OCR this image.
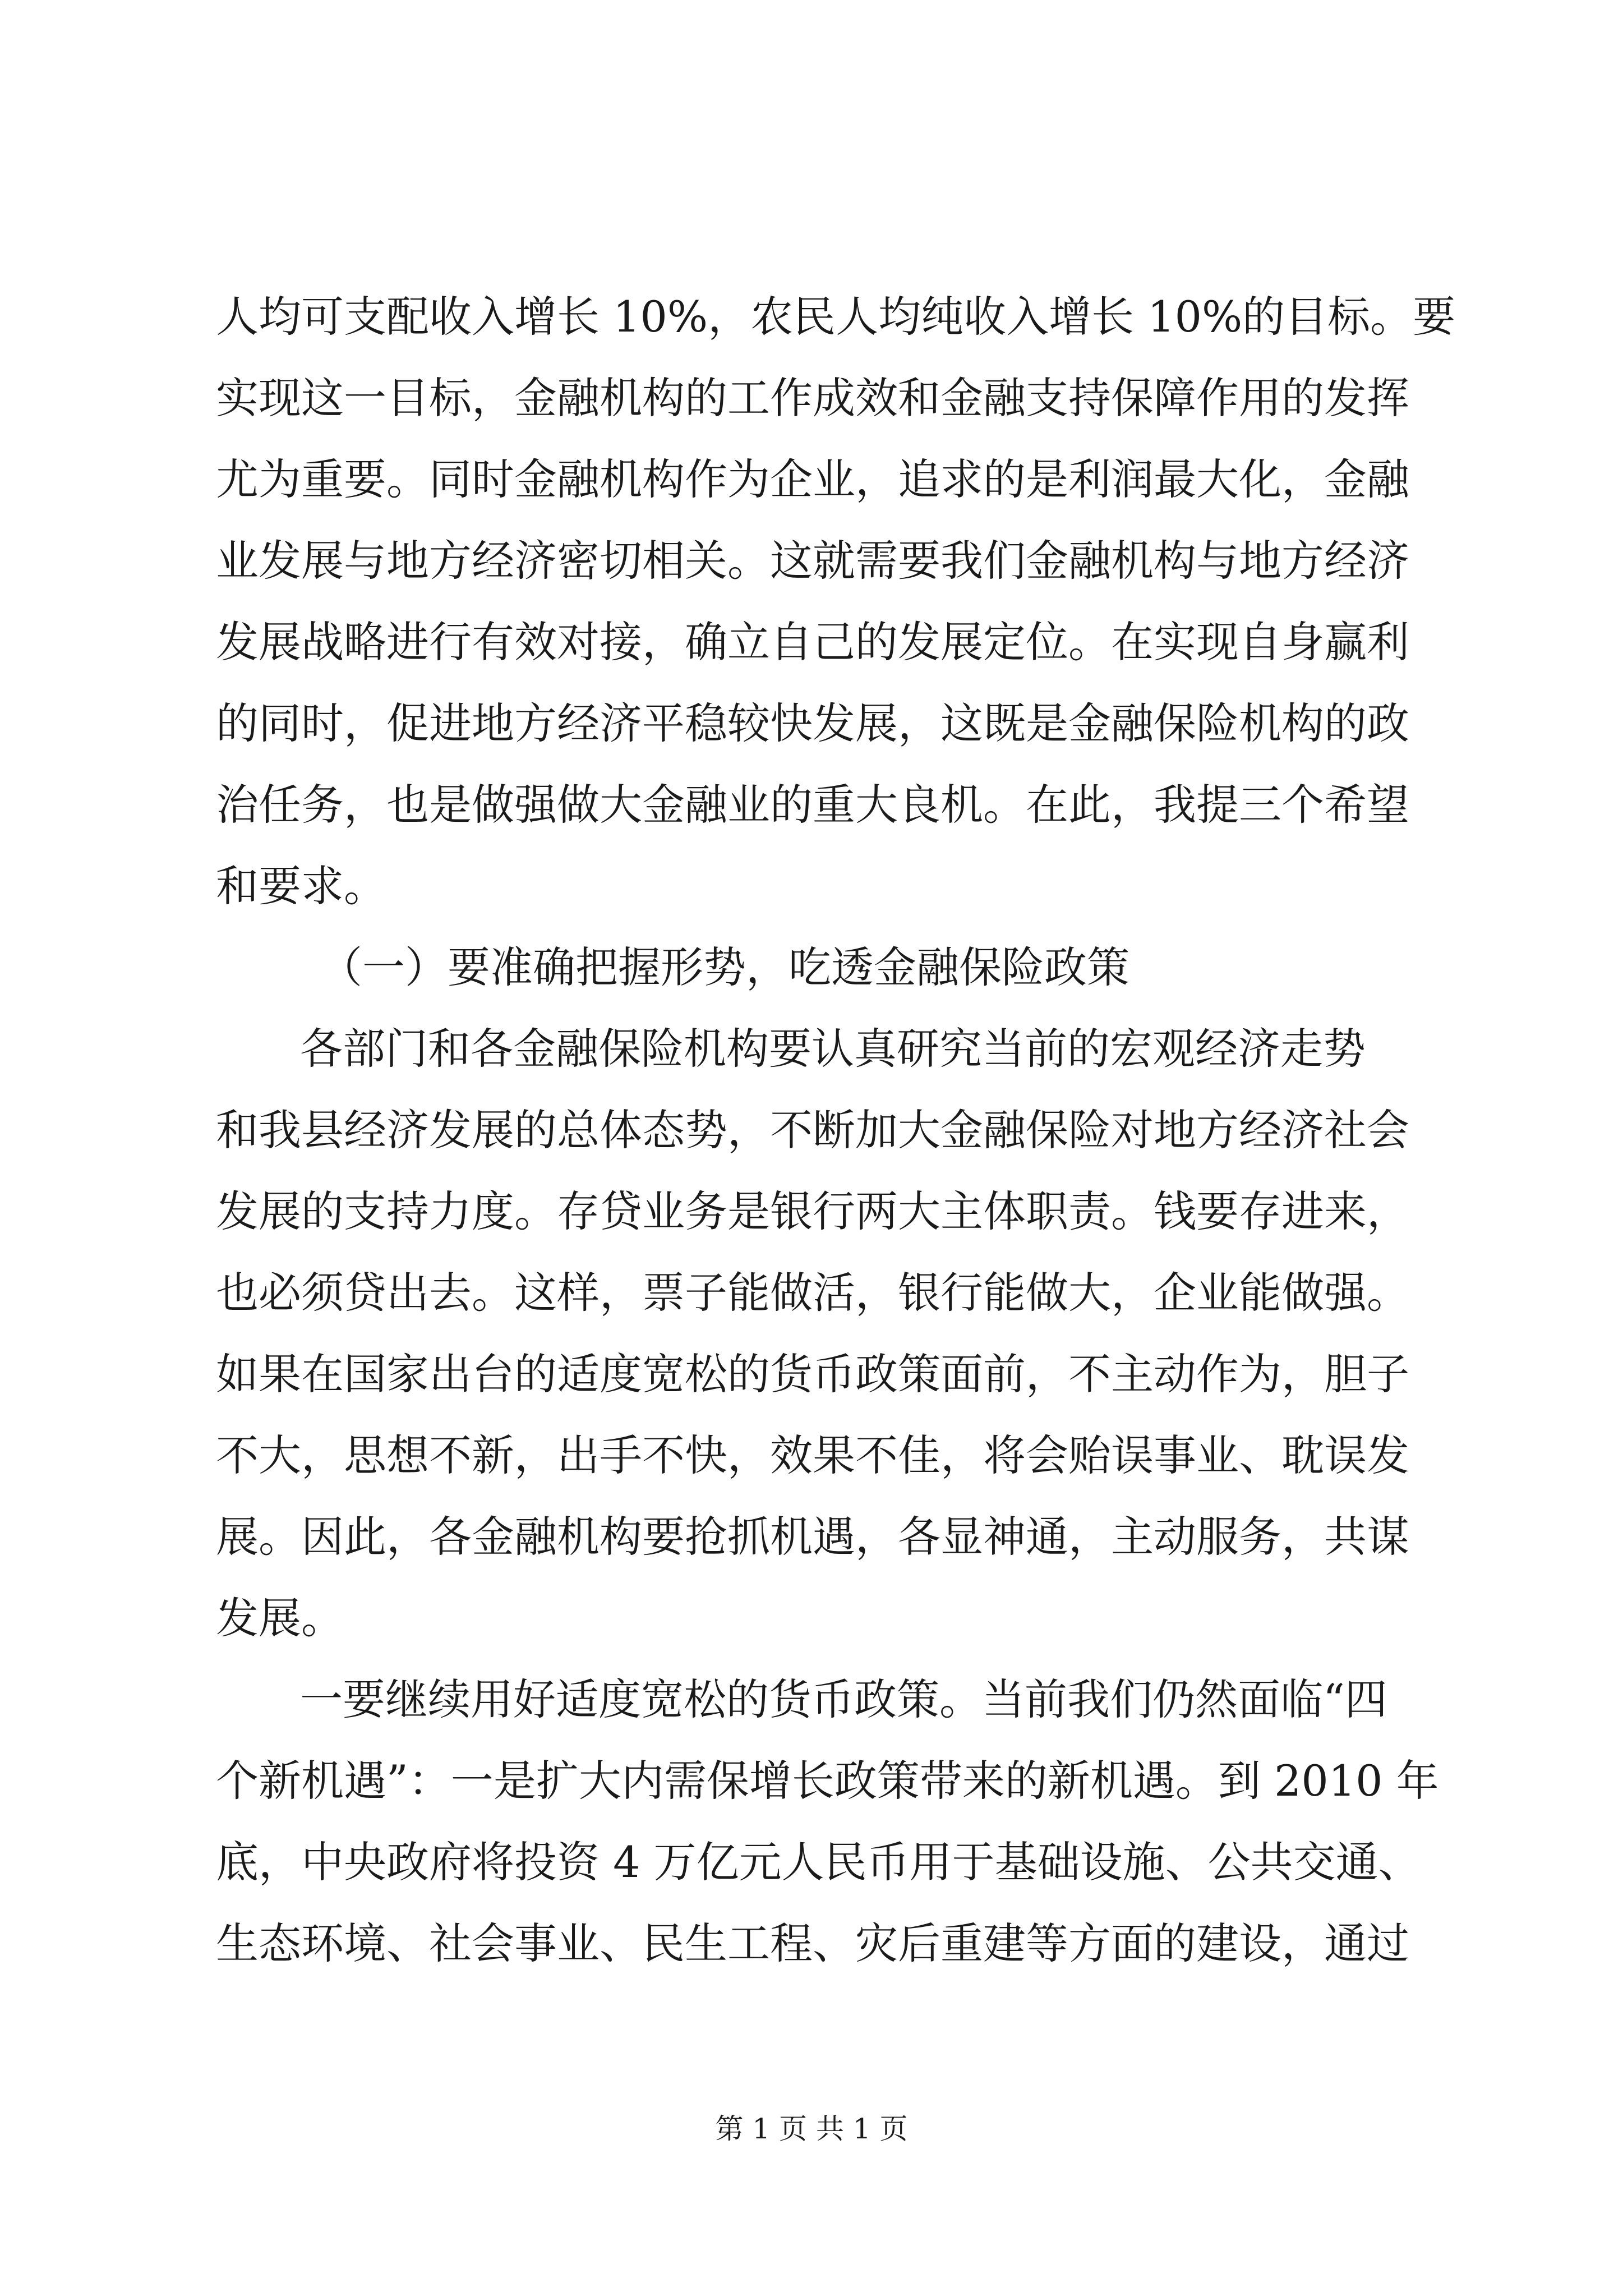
人均可支配收入增长 10%，农民人均纯收入增长 10%的目标。要
实现这一目标，金融机构的工作成效和金融支持保障作用的发挥
尤为重要。同时金融机构作为企业，追求的是利润最大化，金融
业发展与地方经济密切相关。这就需要我们金融机构与地方经济
发展战略进行有效对接，确立自己的发展定位。在实现自身赢利
的同时，促进地方经济平稳较快发展，这既是金融保险机构的政
治任务，也是做强做大金融业的重大良机。在此，我提三个希望
和要求。
（一）要准确把握形势，吃透金融保险政策
各部门和各金融保险机构要认真研究当前的宏观经济走势
和我县经济发展的总体态势，不断加大金融保险对地方经济社会
发展的支持力度。存贷业务是银行两大主体职责。钱要存进来，
也必须贷出去。这样，票子能做活，银行能做大，企业能做强。
如果在国家出台的适度宽松的货币政策面前，不主动作为，胆子
不大，思想不新，出手不快，效果不佳，将会贻误事业、耽误发
展。因此，各金融机构要抢抓机遇，各显神通，主动服务，共谋
发展。
一要继续用好适度宽松的货币政策。当前我们仍然面临“四
个新机遇”：一是扩大内需保增长政策带来的新机遇。到 2010 年
底，中央政府将投资 4 万亿元人民币用于基础设施、公共交通、
生态环境、社会事业、民生工程、灾后重建等方面的建设，通过
第 1 页 共 1 页
